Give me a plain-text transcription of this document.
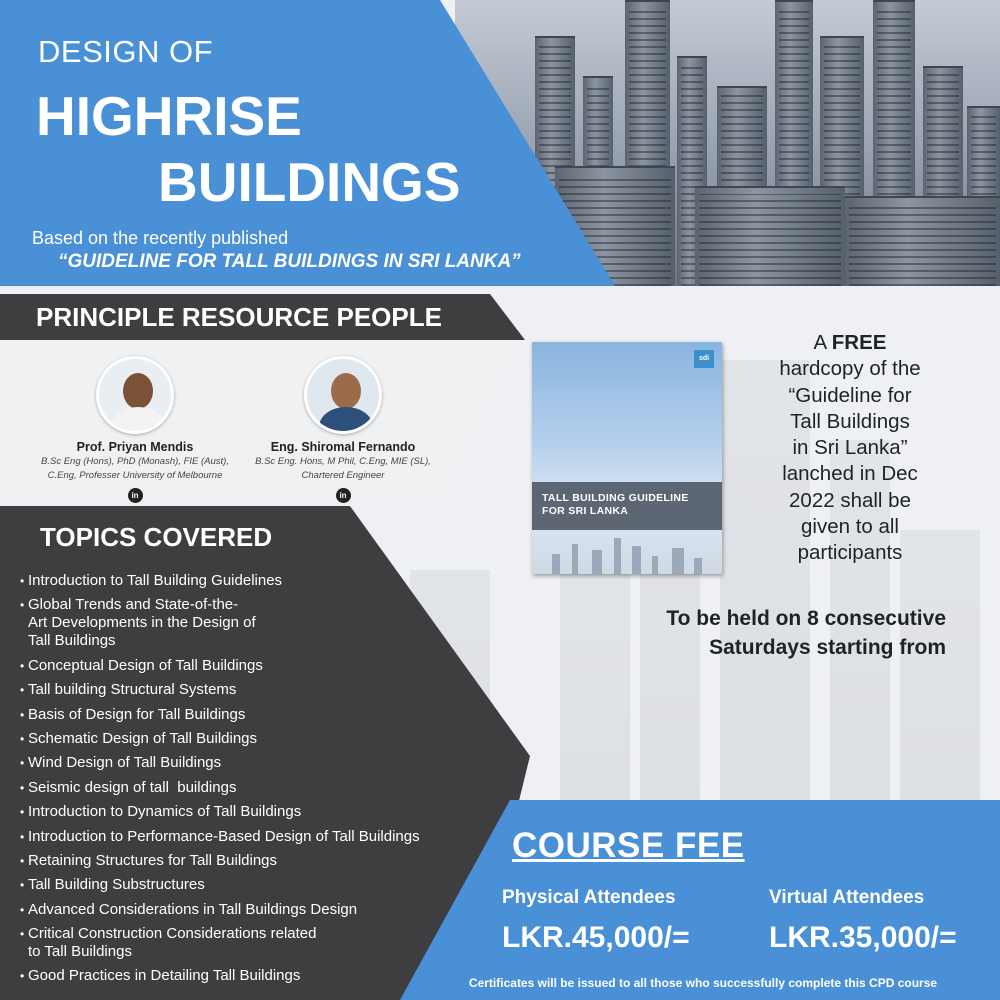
DESIGN OF
HIGHRISE
BUILDINGS
Based on the recently published
“GUIDELINE FOR TALL BUILDINGS IN SRI LANKA”
PRINCIPLE RESOURCE PEOPLE
Prof. Priyan Mendis
B.Sc Eng (Hons), PhD (Monash), FIE (Aust),
C.Eng, Professer University of Melbourne
in
Eng. Shiromal Fernando
B.Sc Eng. Hons, M Phil, C.Eng, MIE (SL),
Chartered Engineer
in
TOPICS COVERED
• Introduction to Tall Building Guidelines
• Global Trends and State-of-the-
Art Developments in the Design of
Tall Buildings
• Conceptual Design of Tall Buildings
• Tall building Structural Systems
• Basis of Design for Tall Buildings
• Schematic Design of Tall Buildings
• Wind Design of Tall Buildings
• Seismic design of tall  buildings
• Introduction to Dynamics of Tall Buildings
• Introduction to Performance-Based Design of Tall Buildings
• Retaining Structures for Tall Buildings
• Tall Building Substructures
• Advanced Considerations in Tall Buildings Design
• Critical Construction Considerations related
to Tall Buildings
• Good Practices in Detailing Tall Buildings
sdi
TALL BUILDING GUIDELINE
FOR SRI LANKA
A FREE
hardcopy of the
“Guideline for
Tall Buildings
in Sri Lanka”
lanched in Dec
2022 shall be
given to all
participants
To be held on 8 consecutive
Saturdays starting from
COURSE FEE
Physical Attendees
LKR.45,000/=
Virtual Attendees
LKR.35,000/=
Certificates will be issued to all those who successfully complete this CPD course
